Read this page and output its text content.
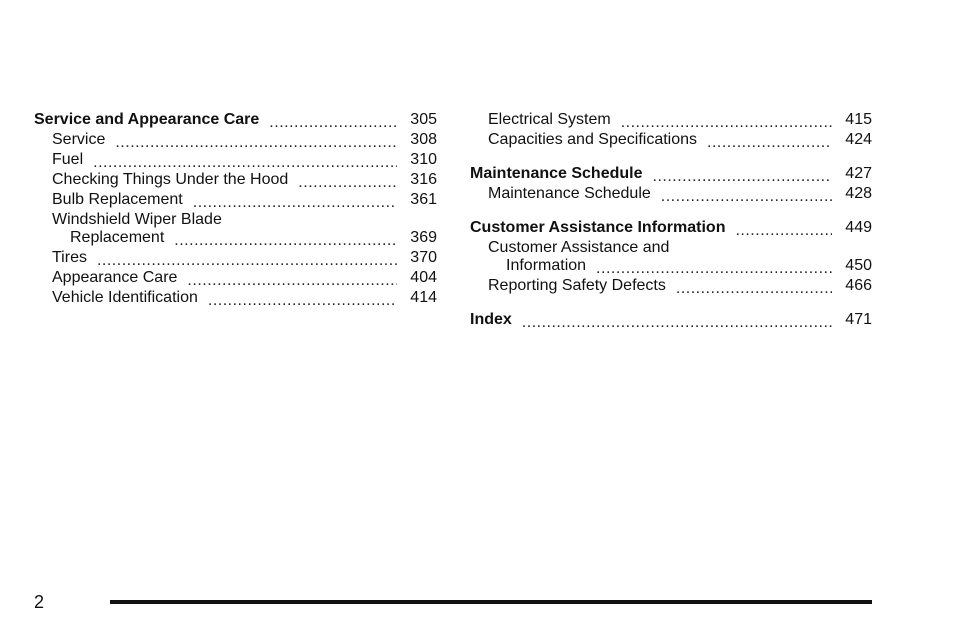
Service and Appearance Care .....	305
Service .....	308
Fuel .....	310
Checking Things Under the Hood .....	316
Bulb Replacement .....	361
Windshield Wiper Blade
Replacement .....	369
Tires .....	370
Appearance Care .....	404
Vehicle Identification .....	414
Electrical System .....	415
Capacities and Specifications .....	424
Maintenance Schedule .....	427
Maintenance Schedule .....	428
Customer Assistance Information .....	449
Customer Assistance and
Information .....	450
Reporting Safety Defects .....	466
Index .....	471
2
